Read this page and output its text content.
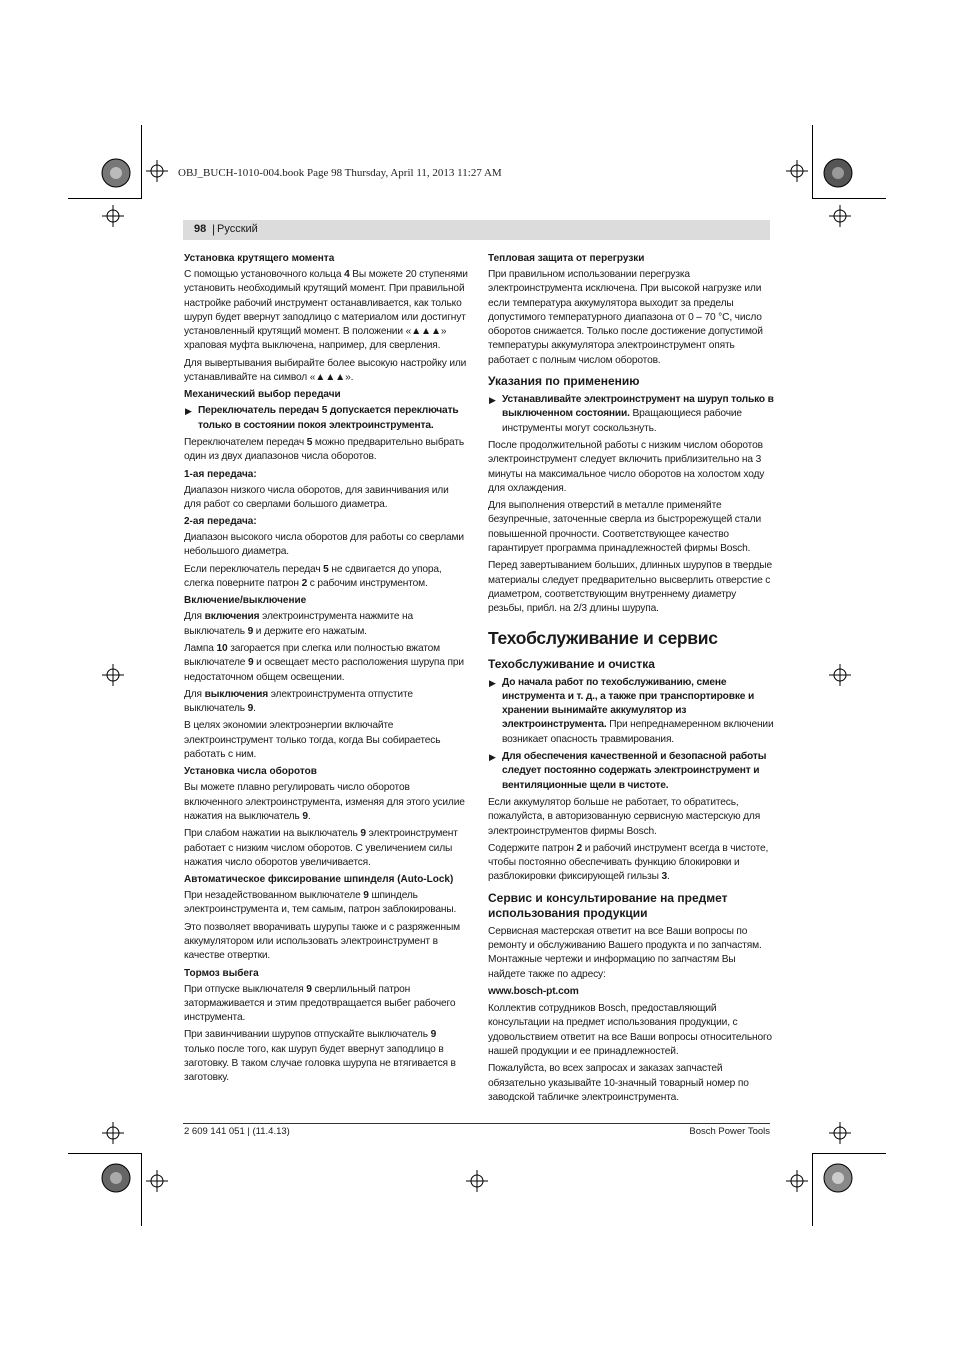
OBJ_BUCH-1010-004.book Page 98 Thursday, April 11, 2013 11:27 AM
98 | Русский
Установка крутящего момента

С помощью установочного кольца 4 Вы можете 20 ступенями установить необходимый крутящий момент. При правильной настройке рабочий инструмент останавливается, как только шуруп будет ввернут заподлицо с материалом или достигнут установленный крутящий момент. В положении «▲▲▲» храповая муфта выключена, например, для сверления.

Для вывертывания выбирайте более высокую настройку или устанавливайте на символ «▲▲▲».

Механический выбор передачи

▶ Переключатель передач 5 допускается переключать только в состоянии покоя электроинструмента.

Переключателем передач 5 можно предварительно выбрать один из двух диапазонов числа оборотов.

1-ая передача:

Диапазон низкого числа оборотов, для завинчивания или для работ со сверлами большого диаметра.

2-ая передача:

Диапазон высокого числа оборотов для работы со сверлами небольшого диаметра.

Если переключатель передач 5 не сдвигается до упора, слегка поверните патрон 2 с рабочим инструментом.

Включение/выключение

Для включения электроинструмента нажмите на выключатель 9 и держите его нажатым.

Лампа 10 загорается при слегка или полностью вжатом выключателе 9 и освещает место расположения шурупа при недостаточном общем освещении.

Для выключения электроинструмента отпустите выключатель 9.

В целях экономии электроэнергии включайте электроинструмент только тогда, когда Вы собираетесь работать с ним.

Установка числа оборотов

Вы можете плавно регулировать число оборотов включенного электроинструмента, изменяя для этого усилие нажатия на выключатель 9.

При слабом нажатии на выключатель 9 электроинструмент работает с низким числом оборотов. С увеличением силы нажатия число оборотов увеличивается.

Автоматическое фиксирование шпинделя (Auto-Lock)

При незадействованном выключателе 9 шпиндель электроинструмента и, тем самым, патрон заблокированы.

Это позволяет вворачивать шурупы также и с разряженным аккумулятором или использовать электроинструмент в качестве отвертки.

Тормоз выбега

При отпуске выключателя 9 сверлильный патрон затормаживается и этим предотвращается выбег рабочего инструмента.

При завинчивании шурупов отпускайте выключатель 9 только после того, как шуруп будет ввернут заподлицо в заготовку. В таком случае головка шурупа не втягивается в заготовку.

Тепловая защита от перегрузки

При правильном использовании перегрузка электроинструмента исключена. При высокой нагрузке или если температура аккумулятора выходит за пределы допустимого температурного диапазона от 0 – 70 °C, число оборотов снижается. Только после достижение допустимой температуры аккумулятора электроинструмент опять работает с полным числом оборотов.

Указания по применению

▶ Устанавливайте электроинструмент на шуруп только в выключенном состоянии. Вращающиеся рабочие инструменты могут соскользнуть.

После продолжительной работы с низким числом оборотов электроинструмент следует включить приблизительно на 3 минуты на максимальное число оборотов на холостом ходу для охлаждения.

Для выполнения отверстий в металле применяйте безупречные, заточенные сверла из быстрорежущей стали повышенной прочности. Соответствующее качество гарантирует программа принадлежностей фирмы Bosch.

Перед завертыванием больших, длинных шурупов в твердые материалы следует предварительно высверлить отверстие с диаметром, соответствующим внутреннему диаметру резьбы, прибл. на 2/3 длины шурупа.

Техобслуживание и сервис
Техобслуживание и очистка

▶ До начала работ по техобслуживанию, смене инструмента и т. д., а также при транспортировке и хранении вынимайте аккумулятор из электроинструмента. При непреднамеренном включении возникает опасность травмирования.

▶ Для обеспечения качественной и безопасной работы следует постоянно содержать электроинструмент и вентиляционные щели в чистоте.

Если аккумулятор больше не работает, то обратитесь, пожалуйста, в авторизованную сервисную мастерскую для электроинструментов фирмы Bosch.

Содержите патрон 2 и рабочий инструмент всегда в чистоте, чтобы постоянно обеспечивать функцию блокировки и разблокировки фиксирующей гильзы 3.

Сервис и консультирование на предмет использования продукции

Сервисная мастерская ответит на все Ваши вопросы по ремонту и обслуживанию Вашего продукта и по запчастям. Монтажные чертежи и информацию по запчастям Вы найдете также по адресу:

www.bosch-pt.com

Коллектив сотрудников Bosch, предоставляющий консультации на предмет использования продукции, с удовольствием ответит на все Ваши вопросы относительного нашей продукции и ее принадлежностей.

Пожалуйста, во всех запросах и заказах запчастей обязательно указывайте 10-значный товарный номер по заводской табличке электроинструмента.

2 609 141 051 | (11.4.13)	Bosch Power Tools
